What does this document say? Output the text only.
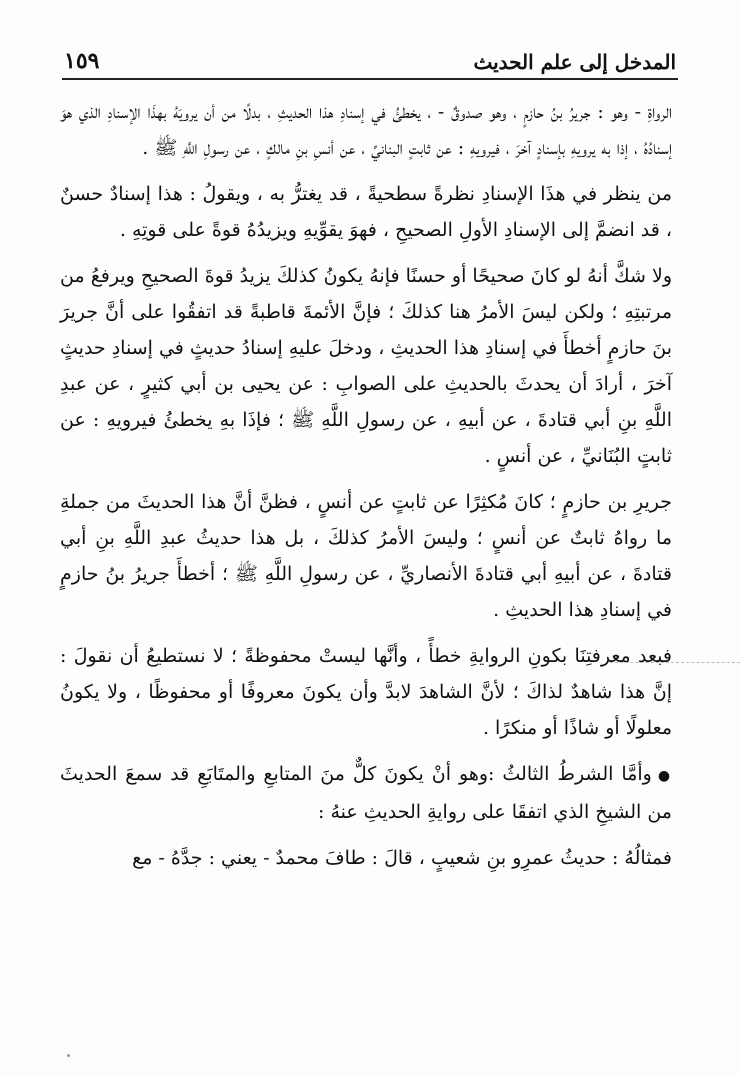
١٥٩	المدخل إلى علم الحديث

الرواةِ - وهو : جريرُ بنُ حازمٍ ، وهو صدوقٌ - ، يخطئُ في إسنادِ هذا الحديثِ ، بدلًا من أن يرويَهُ بهذَا الإسنادِ الذي هوَ إسنادُهُ ، إذا به يرويهِ بإسنادٍ آخرَ ، فيرويهِ : عن ثابتٍ البنانيِّ ، عن أنسِ بنِ مالكٍ ، عن رسولِ اللَّهِ ﷺ .

من ينظر في هذَا الإسنادِ نظرةً سطحيةً ، قد يغترُّ به ، ويقولُ : هذا إسنادٌ حسنٌ ، قد انضمَّ إلى الإسنادِ الأولِ الصحيحِ ، فهوَ يقوِّيهِ ويزيدُهُ قوةً على قوتِهِ .

ولا شكَّ أنهُ لو كانَ صحيحًا أو حسنًا فإنهُ يكونُ كذلكَ يزيدُ قوةَ الصحيحِ ويرفعُ من مرتبتِهِ ؛ ولكن ليسَ الأمرُ هنا كذلكَ ؛ فإنَّ الأئمةَ قاطبةً قد اتفقُوا على أنَّ جريرَ بنَ حازمٍ أخطأَ في إسنادِ هذا الحديثِ ، ودخلَ عليهِ إسنادُ حديثٍ في إسنادِ حديثٍ آخرَ ، أرادَ أن يحدثَ بالحديثِ على الصوابِ : عن يحيى بن أبي كثيرٍ ، عن عبدِ اللَّهِ بنِ أبي قتادةَ ، عن أبيهِ ، عن رسولِ اللَّهِ ﷺ ؛ فإذَا بهِ يخطئُ فيرويهِ : عن ثابتٍ البُنَانيِّ ، عن أنسٍ .

جريرِ بن حازمٍ ؛ كانَ مُكثِرًا عن ثابتٍ عن أنسٍ ، فظنَّ أنَّ هذا الحديثَ من جملةِ ما رواهُ ثابتٌ عن أنسٍ ؛ وليسَ الأمرُ كذلكَ ، بل هذا حديثُ عبدِ اللَّهِ بنِ أبي قتادةَ ، عن أبيهِ أبي قتادةَ الأنصاريِّ ، عن رسولِ اللَّهِ ﷺ ؛ أخطأَ جريرُ بنُ حازمٍ في إسنادِ هذا الحديثِ .

فبعد معرفتِنَا بكونِ الروايةِ خطأً ، وأنَّها ليستْ محفوظةً ؛ لا نستطيعُ أن نقولَ : إنَّ هذا شاهدٌ لذاكَ ؛ لأنَّ الشاهدَ لابدَّ وأن يكونَ معروفًا أو محفوظًا ، ولا يكونُ معلولًا أو شاذًا أو منكرًا .

●وأمَّا الشرطُ الثالثُ :وهو أنْ يكونَ كلٌّ منَ المتابعِ والمتَابَعِ قد سمعَ الحديثَ من الشيخِ الذي اتفقَا على روايةِ الحديثِ عنهُ :

فمثالُهُ : حديثُ عمرِو بنِ شعيبٍ ، قالَ : طافَ محمدٌ - يعني : جدَّهُ - مع
